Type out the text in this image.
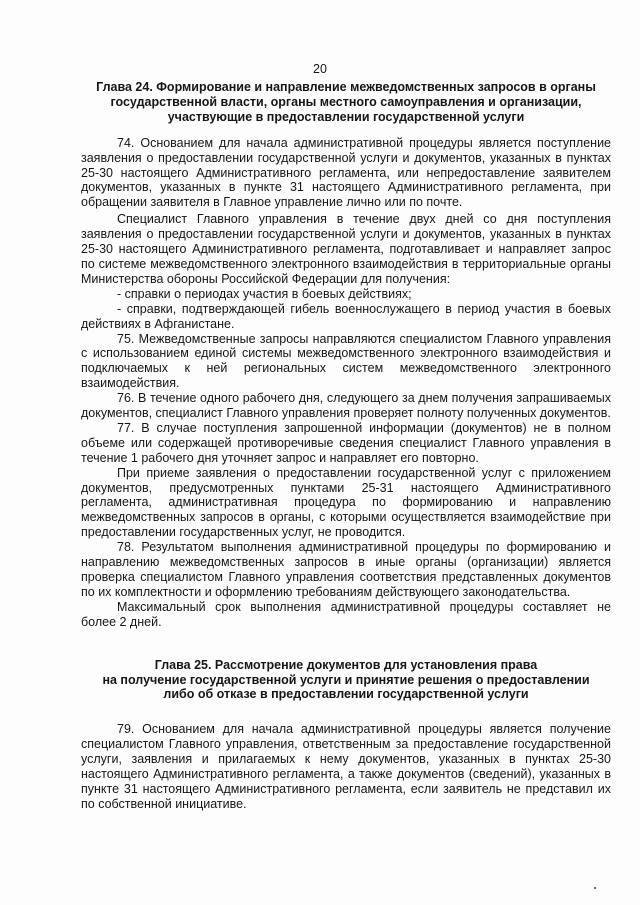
20

Глава 24. Формирование и направление межведомственных запросов в органы государственной власти, органы местного самоуправления и организации, участвующие в предоставлении государственной услуги

74. Основанием для начала административной процедуры является поступление заявления о предоставлении государственной услуги и документов, указанных в пунктах 25-30 настоящего Административного регламента, или непредоставление заявителем документов, указанных в пункте 31 настоящего Административного регламента, при обращении заявителя в Главное управление лично или по почте.

Специалист Главного управления в течение двух дней со дня поступления заявления о предоставлении государственной услуги и документов, указанных в пунктах 25-30 настоящего Административного регламента, подготавливает и направляет запрос по системе межведомственного электронного взаимодействия в территориальные органы Министерства обороны Российской Федерации для получения:

- справки о периодах участия в боевых действиях;

- справки, подтверждающей гибель военнослужащего в период участия в боевых действиях в Афганистане.

75. Межведомственные запросы направляются специалистом Главного управления с использованием единой системы межведомственного электронного взаимодействия и подключаемых к ней региональных систем межведомственного электронного взаимодействия.

76. В течение одного рабочего дня, следующего за днем получения запрашиваемых документов, специалист Главного управления проверяет полноту полученных документов.

77. В случае поступления запрошенной информации (документов) не в полном объеме или содержащей противоречивые сведения специалист Главного управления в течение 1 рабочего дня уточняет запрос и направляет его повторно.

При приеме заявления о предоставлении государственной услуг с приложением документов, предусмотренных пунктами 25-31 настоящего Административного регламента, административная процедура по формированию и направлению межведомственных запросов в органы, с которыми осуществляется взаимодействие при предоставлении государственных услуг, не проводится.

78. Результатом выполнения административной процедуры по формированию и направлению межведомственных запросов в иные органы (организации) является проверка специалистом Главного управления соответствия представленных документов по их комплектности и оформлению требованиям действующего законодательства.

Максимальный срок выполнения административной процедуры составляет не более 2 дней.

Глава 25. Рассмотрение документов для установления права
на получение государственной услуги и принятие решения о предоставлении
либо об отказе в предоставлении государственной услуги

79. Основанием для начала административной процедуры является получение специалистом Главного управления, ответственным за предоставление государственной услуги, заявления и прилагаемых к нему документов, указанных в пунктах 25-30 настоящего Административного регламента, а также документов (сведений), указанных в пункте 31 настоящего Административного регламента, если заявитель не представил их по собственной инициативе.
